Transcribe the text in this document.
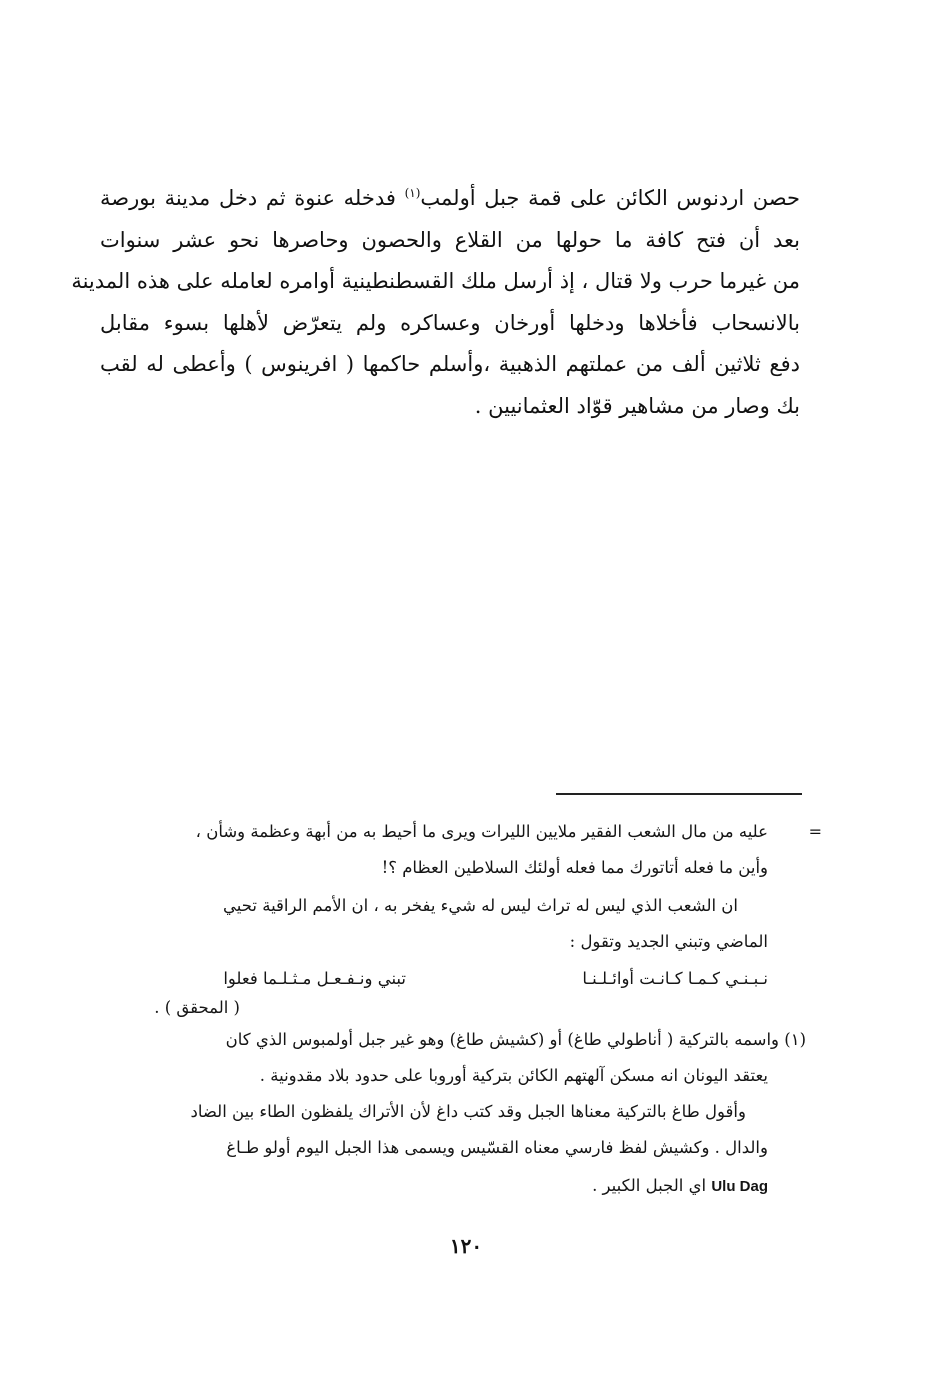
حصن اردنوس الكائن على قمة جبل أولمب$^{(١)}$ فدخله عنوة ثم دخل مدينة بورصة
بعد أن فتح كافة ما حولها من القلاع والحصون وحاصرها نحو عشر سنوات
من غيرما حرب ولا قتال ، إذ أرسل ملك القسطنطينية أوامره لعامله على هذه المدينة
بالانسحاب فأخلاها ودخلها أورخان وعساكره ولم يتعرّض لأهلها بسوء مقابل
دفع ثلاثين ألف من عملتهم الذهبية ،وأسلم حاكمها ( افرينوس ) وأعطى له لقب
بك وصار من مشاهير قوّاد العثمانيين .
=
عليه من مال الشعب الفقير ملايين الليرات ويرى ما أحيط به من أبهة وعظمة وشأن ،
وأين ما فعله أتاتورك مما فعله أولئك السلاطين العظام ؟!
ان الشعب الذي ليس له تراث ليس له شيء يفخر به ، ان الأمم الراقية تحيي
الماضي وتبني الجديد وتقول :
نـبـنـي كـمـا كـانـت أوائـلـنـا
تبني ونـفـعـل مـثـلـما فعلوا
( المحقق ) .
(١) واسمه بالتركية ( أناطولي طاغ) أو (كشيش طاغ) وهو غير جبل أولمبوس الذي كان
يعتقد اليونان انه مسكن آلهتهم الكائن بتركية أوروبا على حدود بلاد مقدونية .
وأقول طاغ بالتركية معناها الجبل وقد كتب داغ لأن الأتراك يلفظون الطاء بين الضاد
والدال . وكشيش لفظ فارسي معناه القسّيس ويسمى هذا الجبل اليوم أولو طـاغ
Ulu Dag اي الجبل الكبير .
١٢٠
